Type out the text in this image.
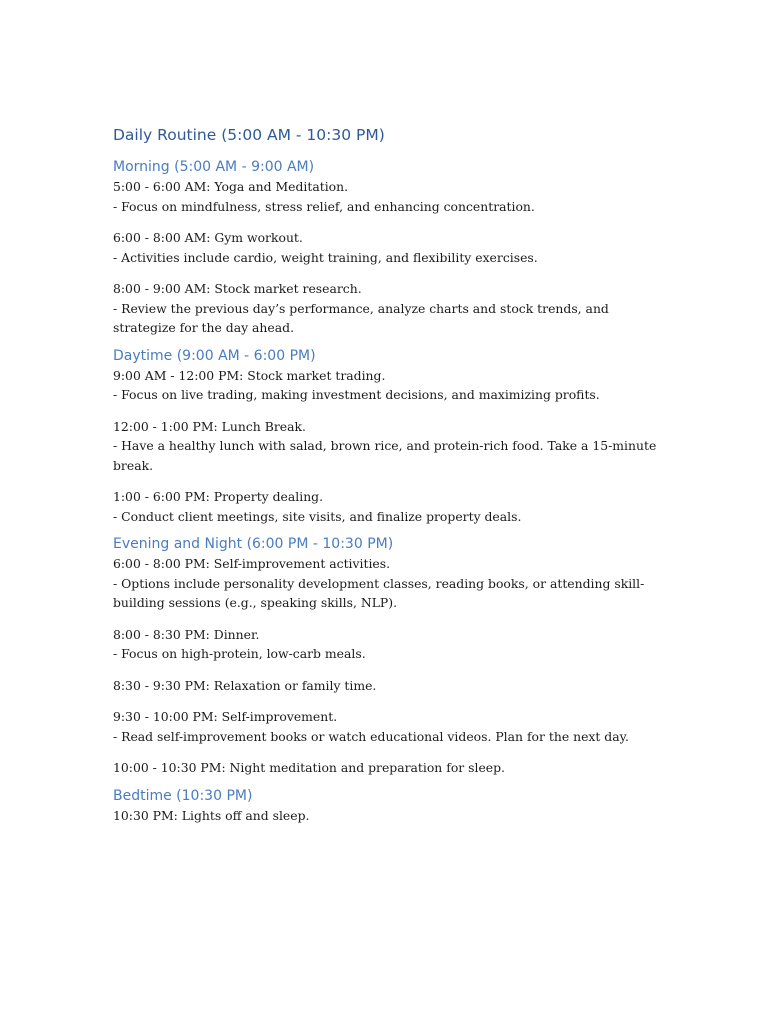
Daily Routine (5:00 AM - 10:30 PM)
Morning (5:00 AM - 9:00 AM)

5:00 - 6:00 AM: Yoga and Meditation.

- Focus on mindfulness, stress relief, and enhancing concentration.

6:00 - 8:00 AM: Gym workout.

- Activities include cardio, weight training, and flexibility exercises.

8:00 - 9:00 AM: Stock market research.

- Review the previous day’s performance, analyze charts and stock trends, and strategize for the day ahead.

Daytime (9:00 AM - 6:00 PM)

9:00 AM - 12:00 PM: Stock market trading.

- Focus on live trading, making investment decisions, and maximizing profits.

12:00 - 1:00 PM: Lunch Break.

- Have a healthy lunch with salad, brown rice, and protein-rich food. Take a 15-minute break.

1:00 - 6:00 PM: Property dealing.

- Conduct client meetings, site visits, and finalize property deals.

Evening and Night (6:00 PM - 10:30 PM)

6:00 - 8:00 PM: Self-improvement activities.

- Options include personality development classes, reading books, or attending skill-building sessions (e.g., speaking skills, NLP).

8:00 - 8:30 PM: Dinner.

- Focus on high-protein, low-carb meals.

8:30 - 9:30 PM: Relaxation or family time.

9:30 - 10:00 PM: Self-improvement.

- Read self-improvement books or watch educational videos. Plan for the next day.

10:00 - 10:30 PM: Night meditation and preparation for sleep.

Bedtime (10:30 PM)

10:30 PM: Lights off and sleep.
